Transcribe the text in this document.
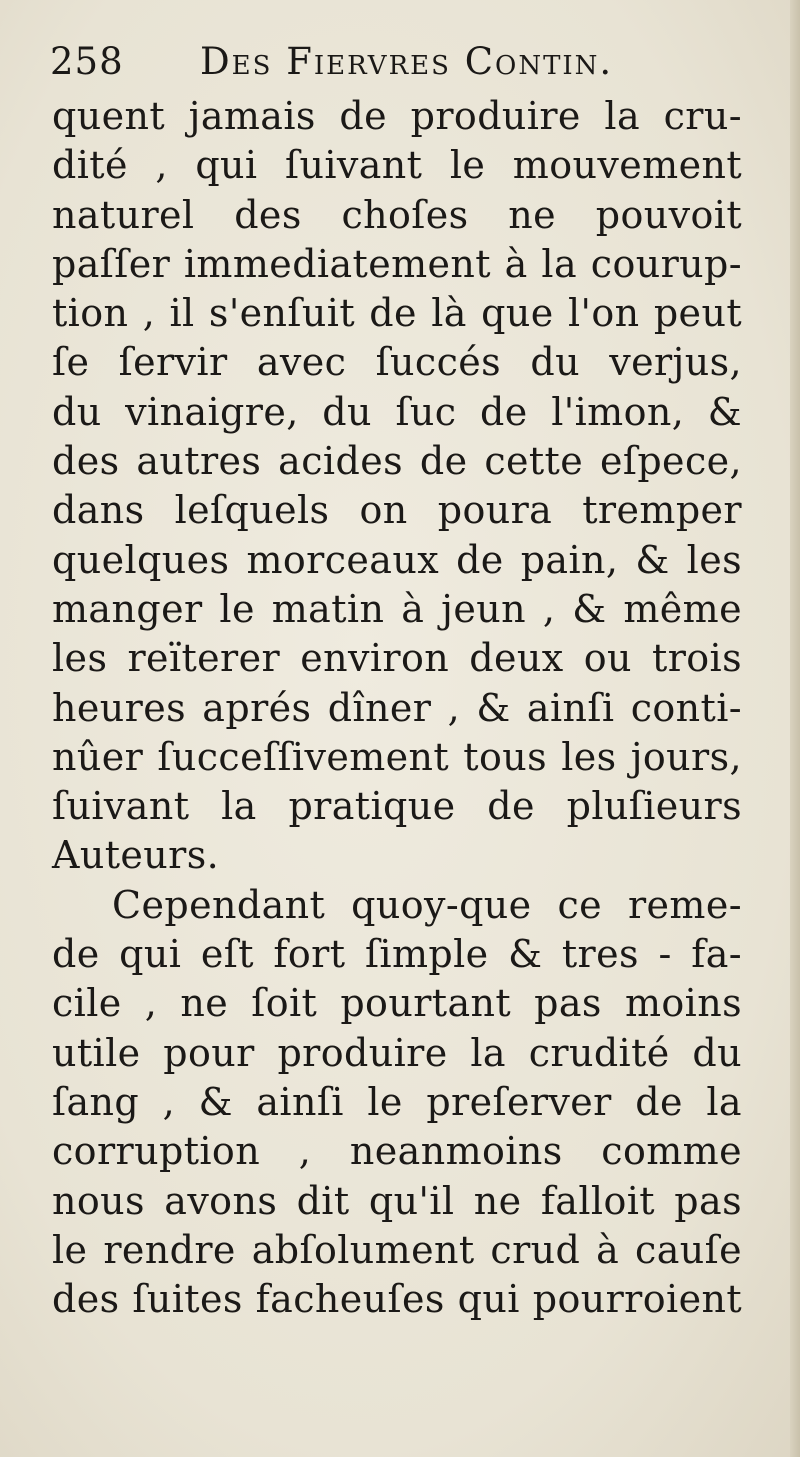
258 Des Fiervres Contin.
quent jamais de produire la cru-
dité , qui ſuivant le mouvement
naturel des choſes ne pouvoit
paſſer immediatement à la courup-
tion , il s'enſuit de là que l'on peut
ſe ſervir avec ſuccés du verjus,
du vinaigre, du ſuc de l'imon, &
des autres acides de cette eſpece,
dans leſquels on poura tremper
quelques morceaux de pain, & les
manger le matin à jeun , & même
les reïterer environ deux ou trois
heures aprés dîner , & ainſi conti-
nûer ſucceſſivement tous les jours,
ſuivant la pratique de pluſieurs
Auteurs.
Cependant quoy-que ce reme-
de qui eſt fort ſimple & tres - fa-
cile , ne ſoit pourtant pas moins
utile pour produire la crudité du
ſang , & ainſi le preſerver de la
corruption , neanmoins comme
nous avons dit qu'il ne falloit pas
le rendre abſolument crud à cauſe
des ſuites facheuſes qui pourroient
